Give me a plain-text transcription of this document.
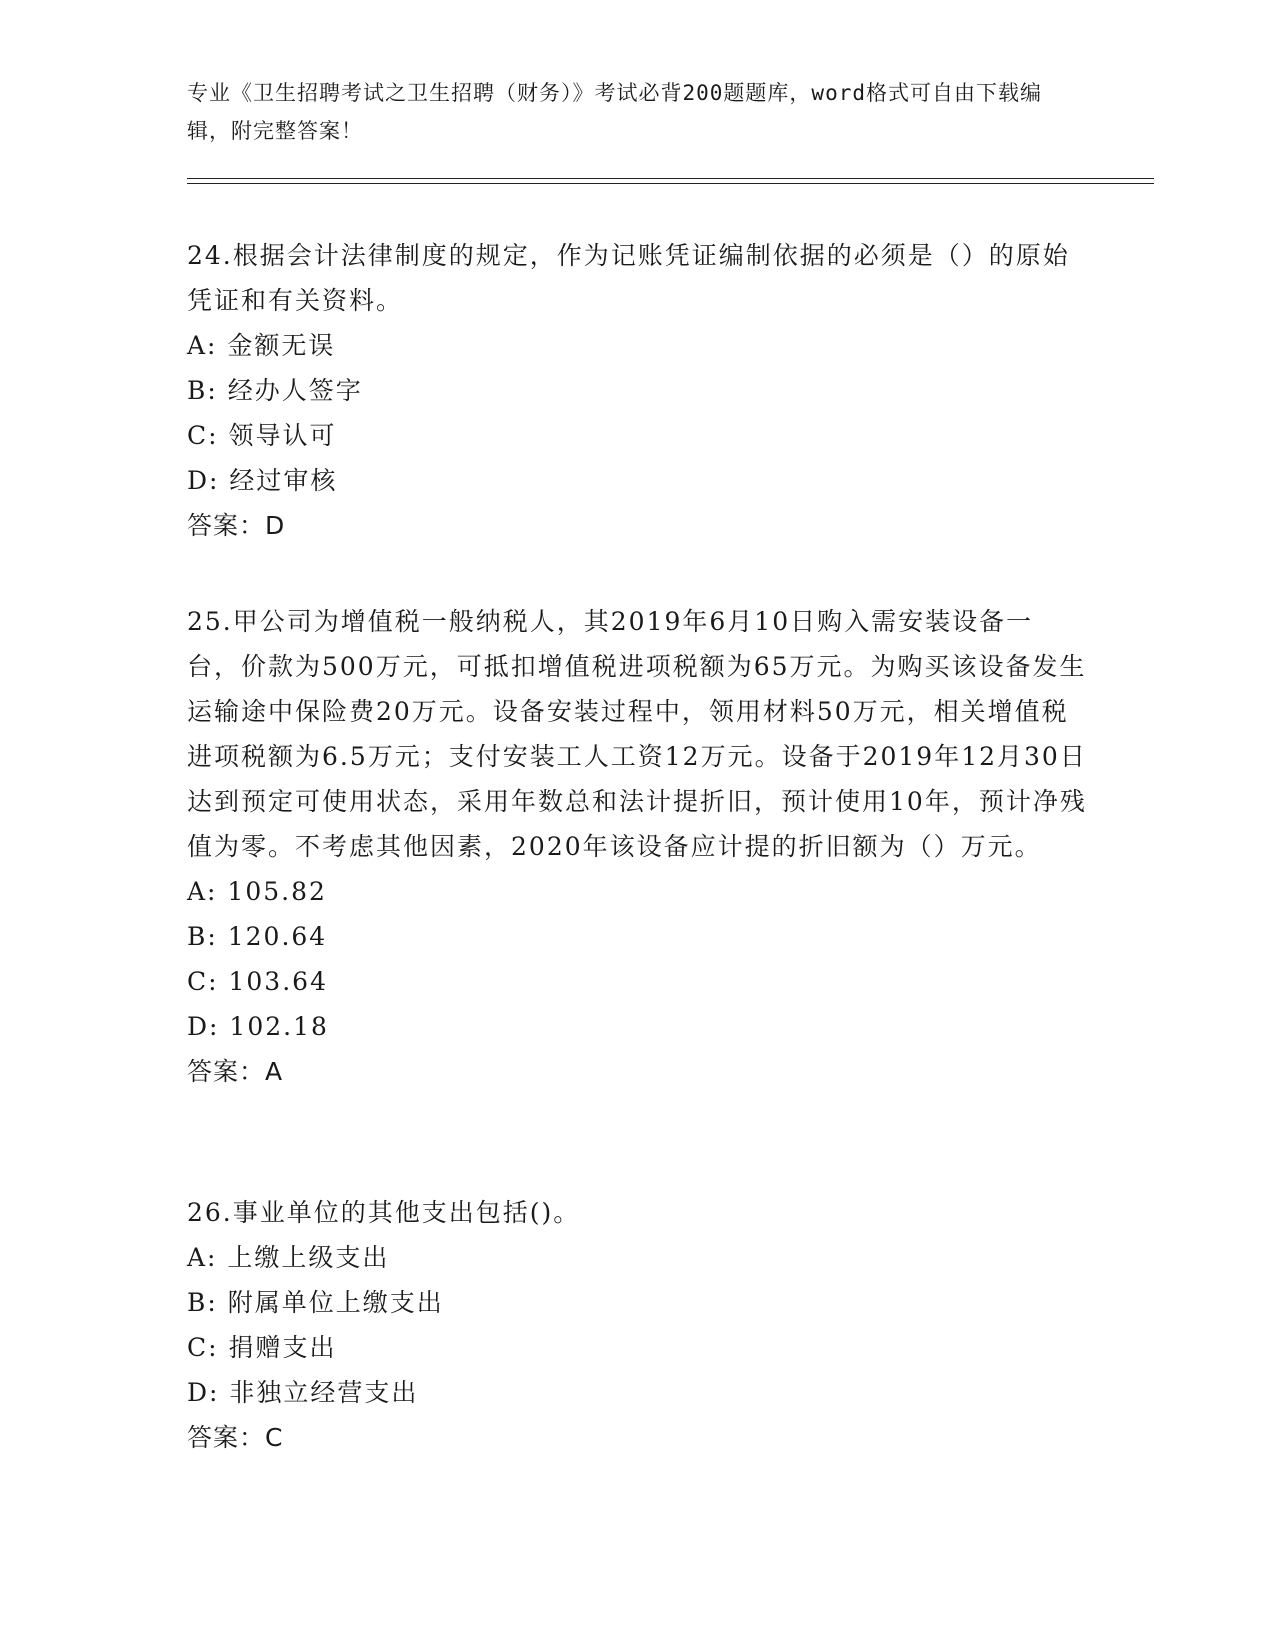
专业《卫生招聘考试之卫生招聘（财务）》考试必背200题题库，word格式可自由下载编辑，附完整答案！

24.根据会计法律制度的规定，作为记账凭证编制依据的必须是（）的原始凭证和有关资料。

A: 金额无误

B: 经办人签字

C: 领导认可

D: 经过审核

答案：D

25.甲公司为增值税一般纳税人，其2019年6月10日购入需安装设备一台，价款为500万元，可抵扣增值税进项税额为65万元。为购买该设备发生运输途中保险费20万元。设备安装过程中，领用材料50万元，相关增值税进项税额为6.5万元；支付安装工人工资12万元。设备于2019年12月30日达到预定可使用状态，采用年数总和法计提折旧，预计使用10年，预计净残值为零。不考虑其他因素，2020年该设备应计提的折旧额为（）万元。

A: 105.82

B: 120.64

C: 103.64

D: 102.18

答案：A

26.事业单位的其他支出包括()。

A: 上缴上级支出

B: 附属单位上缴支出

C: 捐赠支出

D: 非独立经营支出

答案：C
